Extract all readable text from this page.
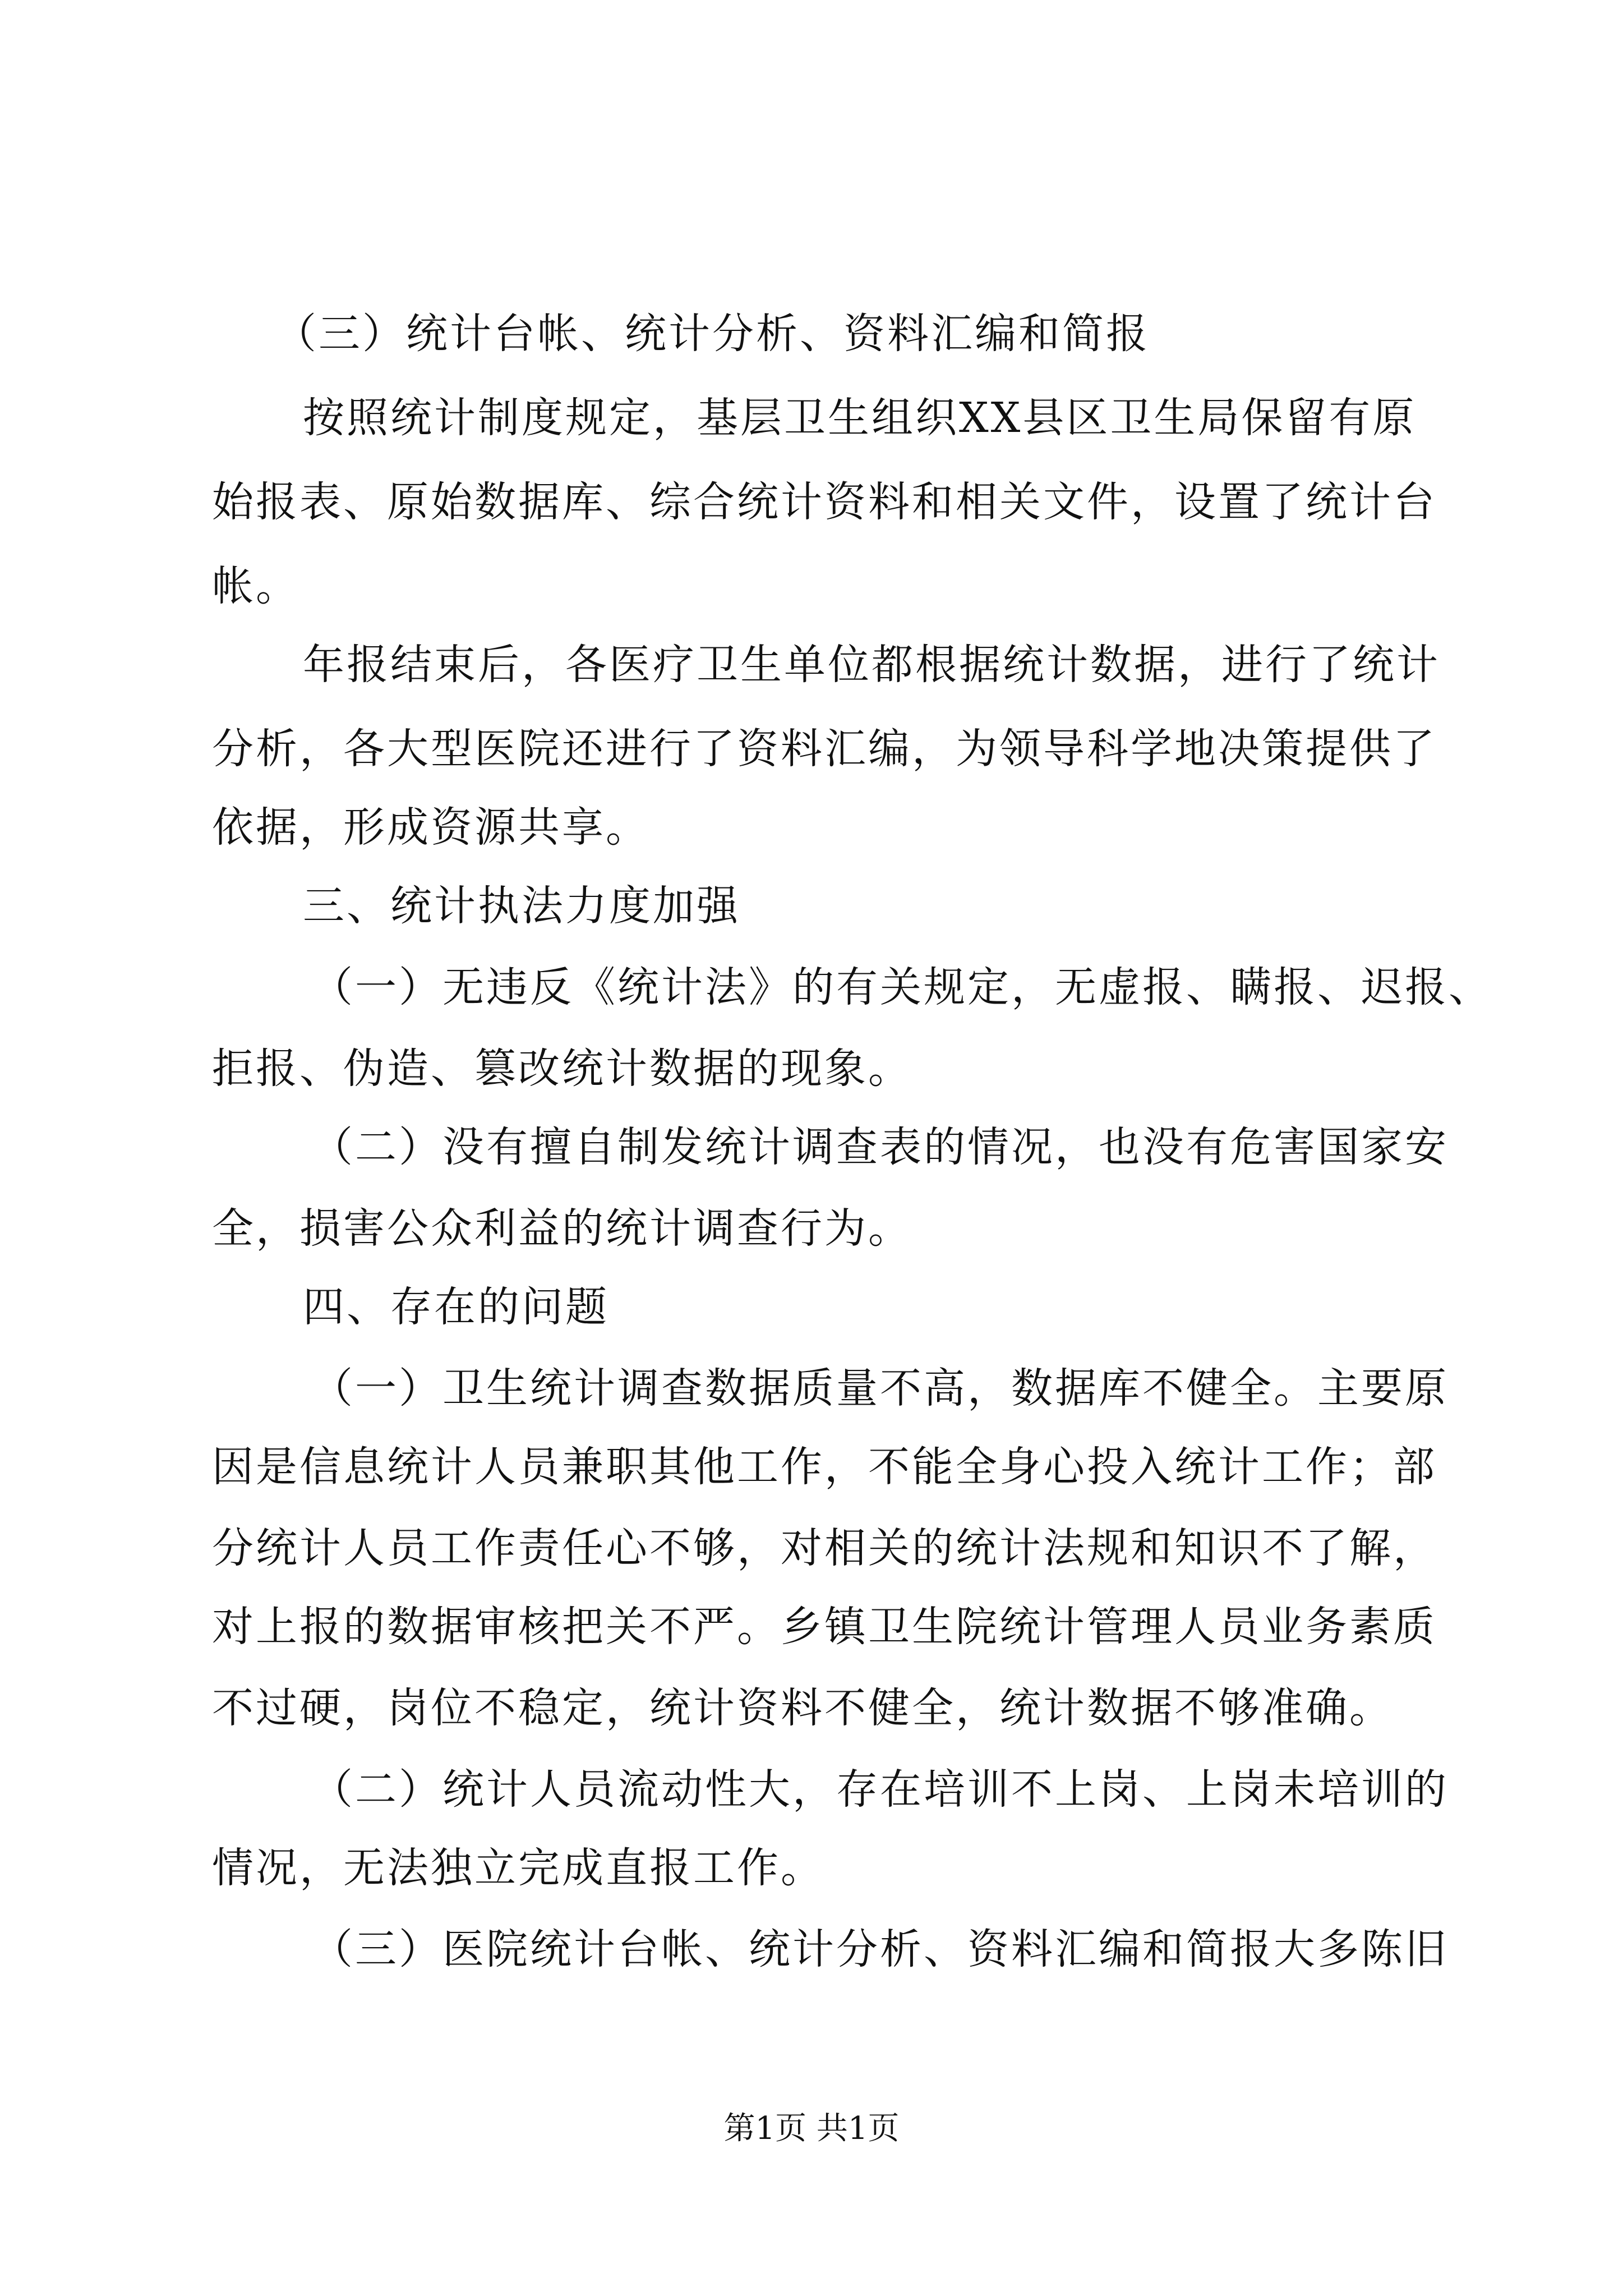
（三）统计台帐、统计分析、资料汇编和简报
按照统计制度规定，基层卫生组织XX县区卫生局保留有原
始报表、原始数据库、综合统计资料和相关文件，设置了统计台
帐。
年报结束后，各医疗卫生单位都根据统计数据，进行了统计
分析，各大型医院还进行了资料汇编，为领导科学地决策提供了
依据，形成资源共享。
三、统计执法力度加强
（一）无违反《统计法》的有关规定，无虚报、瞒报、迟报、
拒报、伪造、篡改统计数据的现象。
（二）没有擅自制发统计调查表的情况，也没有危害国家安
全，损害公众利益的统计调查行为。
四、存在的问题
（一）卫生统计调查数据质量不高，数据库不健全。主要原
因是信息统计人员兼职其他工作，不能全身心投入统计工作；部
分统计人员工作责任心不够，对相关的统计法规和知识不了解，
对上报的数据审核把关不严。乡镇卫生院统计管理人员业务素质
不过硬，岗位不稳定，统计资料不健全，统计数据不够准确。
（二）统计人员流动性大，存在培训不上岗、上岗未培训的
情况，无法独立完成直报工作。
（三）医院统计台帐、统计分析、资料汇编和简报大多陈旧
第1页 共1页
